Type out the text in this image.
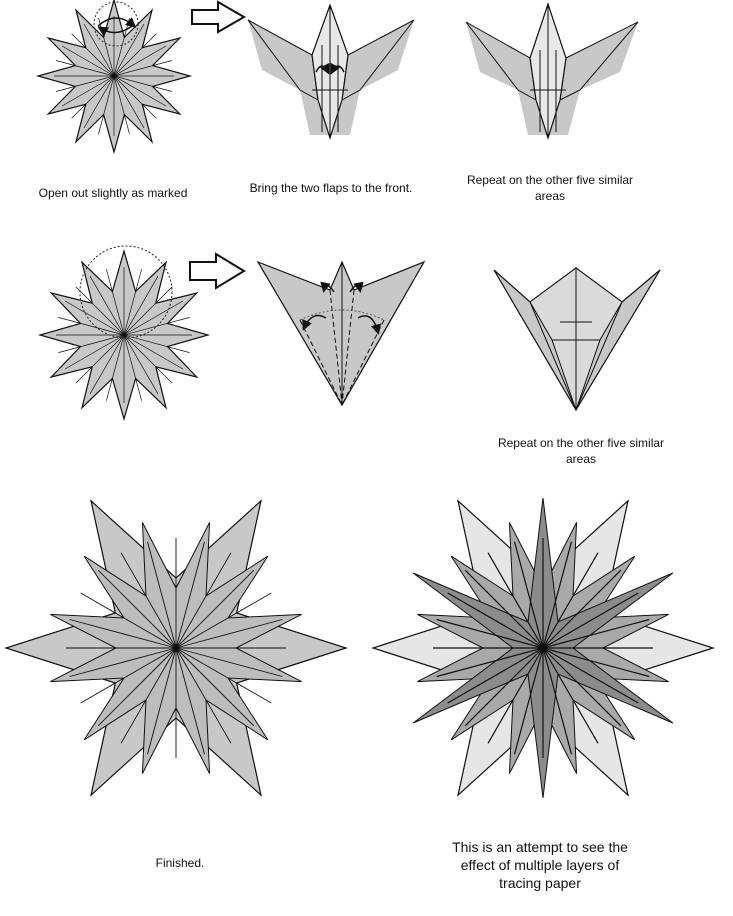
Open out slightly as marked	Bring the two flaps to the front.
Repeat on the other five similar areas
Repeat on the other five similar areas
Finished.
This is an attempt to see the effect of multiple layers of tracing paper
